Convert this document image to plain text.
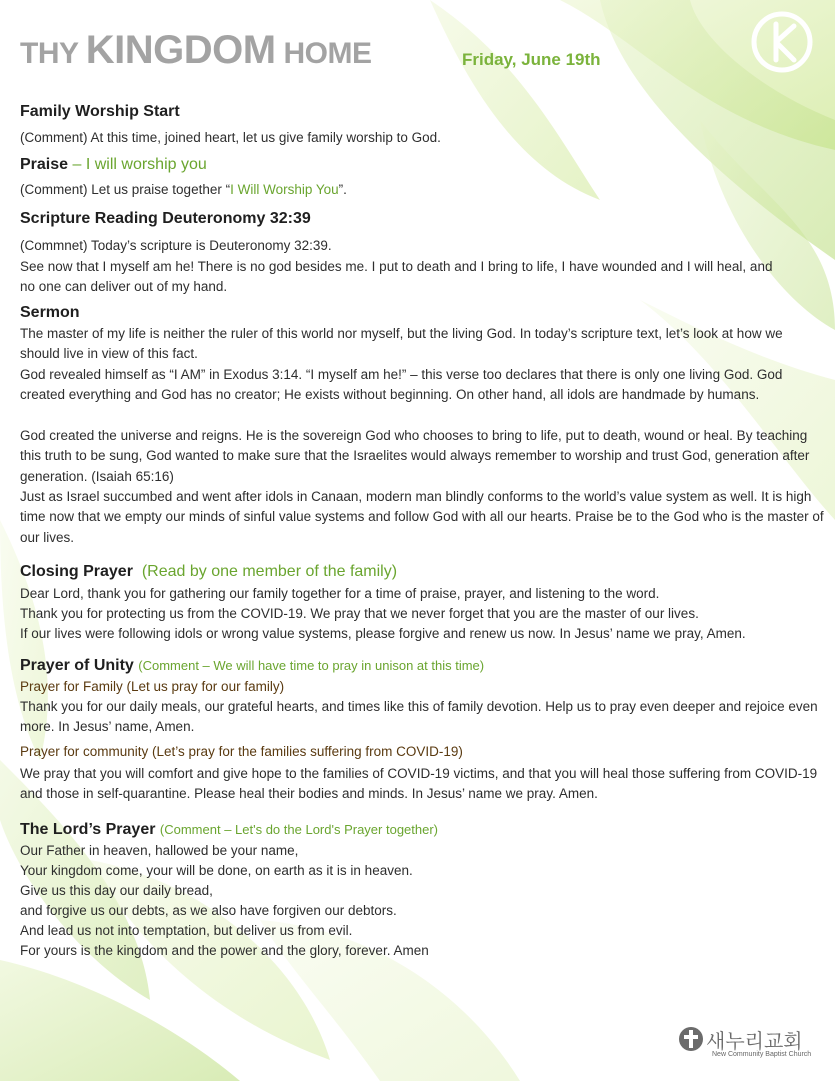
THY KINGDOM HOME	Friday, June 19th
Family Worship Start
(Comment) At this time, joined heart, let us give family worship to God.
Praise – I will worship you
(Comment) Let us praise together “I Will Worship You”.
Scripture Reading Deuteronomy 32:39
(Commnet) Today’s scripture is Deuteronomy 32:39.
See now that I myself am he! There is no god besides me. I put to death and I bring to life, I have wounded and I will heal, and no one can deliver out of my hand.
Sermon
The master of my life is neither the ruler of this world nor myself, but the living God. In today’s scripture text, let’s look at how we should live in view of this fact.
God revealed himself as “I AM” in Exodus 3:14. “I myself am he!” – this verse too declares that there is only one living God. God created everything and God has no creator; He exists without beginning. On other hand, all idols are handmade by humans.
God created the universe and reigns. He is the sovereign God who chooses to bring to life, put to death, wound or heal. By teaching this truth to be sung, God wanted to make sure that the Israelites would always remember to worship and trust God, generation after generation. (Isaiah 65:16)
Just as Israel succumbed and went after idols in Canaan, modern man blindly conforms to the world’s value system as well. It is high time now that we empty our minds of sinful value systems and follow God with all our hearts. Praise be to the God who is the master of our lives.
Closing Prayer (Read by one member of the family)
Dear Lord, thank you for gathering our family together for a time of praise, prayer, and listening to the word.
Thank you for protecting us from the COVID-19. We pray that we never forget that you are the master of our lives.
If our lives were following idols or wrong value systems, please forgive and renew us now. In Jesus’ name we pray, Amen.
Prayer of Unity (Comment – We will have time to pray in unison at this time)
Prayer for Family (Let us pray for our family)
Thank you for our daily meals, our grateful hearts, and times like this of family devotion. Help us to pray even deeper and rejoice even more. In Jesus’ name, Amen.
Prayer for community (Let’s pray for the families suffering from COVID-19)
We pray that you will comfort and give hope to the families of COVID-19 victims, and that you will heal those suffering from COVID-19 and those in self-quarantine. Please heal their bodies and minds. In Jesus’ name we pray. Amen.
The Lord’s Prayer (Comment – Let's do the Lord's Prayer together)
Our Father in heaven, hallowed be your name,
Your kingdom come, your will be done, on earth as it is in heaven.
Give us this day our daily bread,
and forgive us our debts, as we also have forgiven our debtors.
And lead us not into temptation, but deliver us from evil.
For yours is the kingdom and the power and the glory, forever. Amen
새누리교회
New Community Baptist Church
